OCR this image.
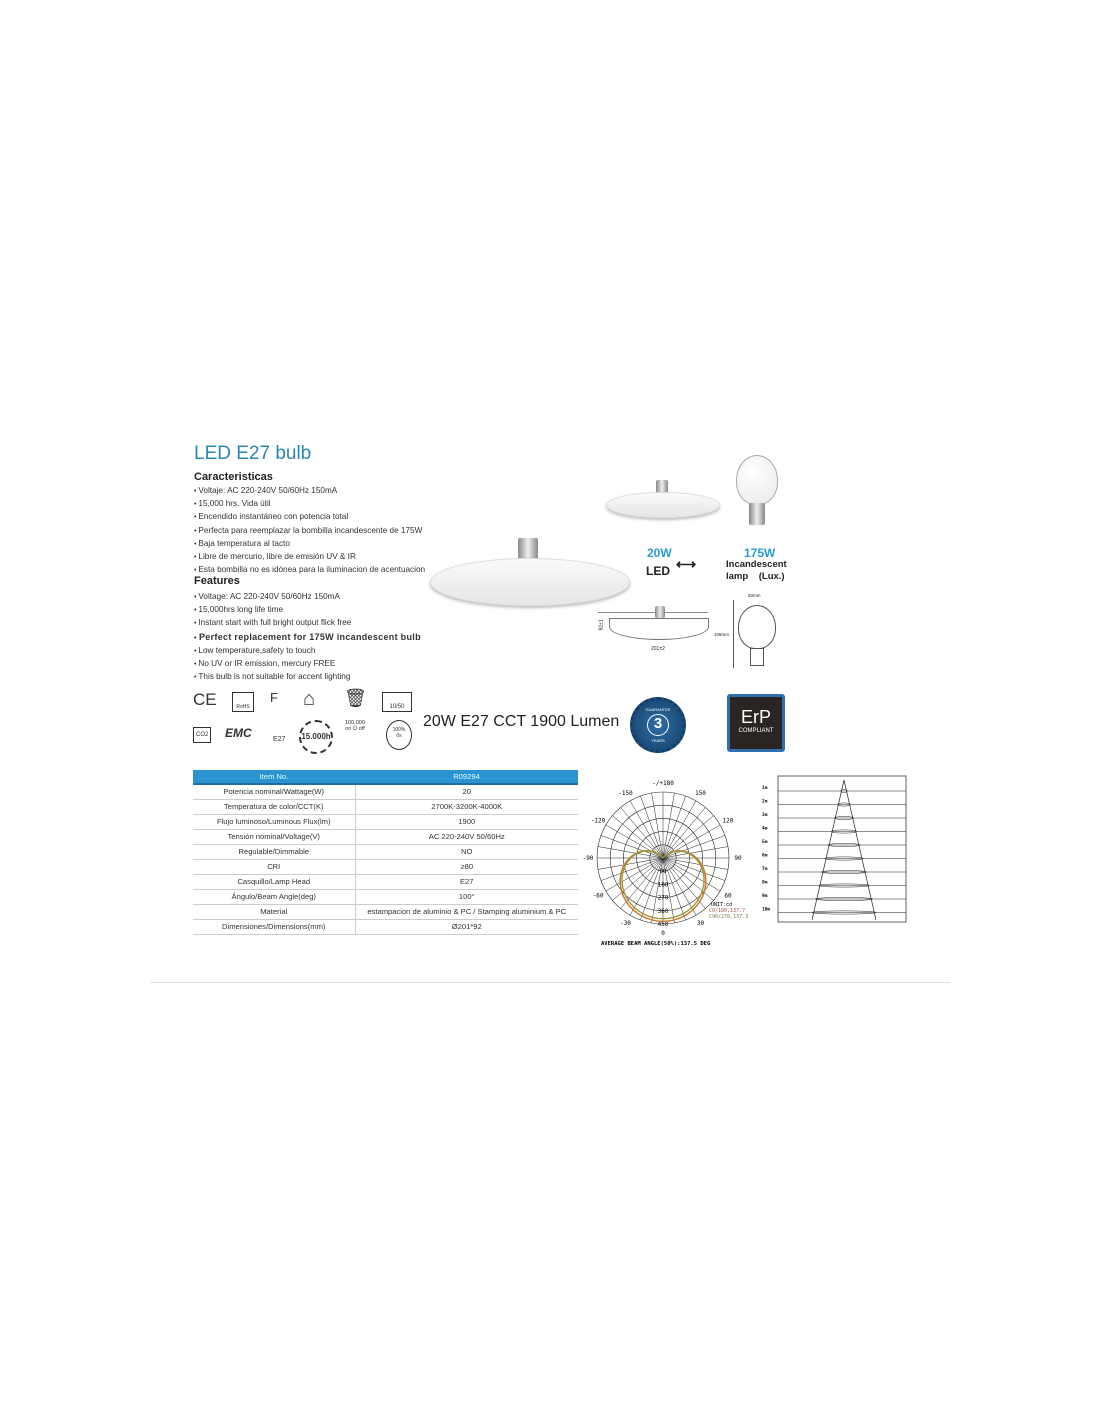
LED E27 bulb
Caracteristicas
• Voltaje: AC 220-240V 50/60Hz 150mA
• 15,000 hrs. Vida útil
• Encendido instantáneo con potencia total
• Perfecta para reemplazar la bombilla incandescente de 175W
• Baja temperatura al tacto
• Libre de mercurio, libre de emisión UV & IR
• Esta bombilla no es idónea para la iluminacion de acentuacion
Features
• Voltage: AC 220-240V 50/60Hz 150mA
• 15,000hrs long life time
• Instant start with full bright output flick free
• Perfect replacement for 175W incandescent bulb
• Low temperature,safety to touch
• No UV or IR emission, mercury FREE
• This bulb is not suitable for accent lighting
20W
LED ⟷
175W
Incandescent
lamp    (Lux.)
92±1
201±2
60mm
108mm
CE	RoHS
F ⌂ 🗑	10/50
CO2 EMC	E27 15.000h
100.000
on ⏻ off	100%
0s
20W E27 CCT 1900 Lumen
GUARANTEE
3
YEARS
ErP
COMPLIANT
Item No.	R09294
Potencia nominal/Wattage(W)	20
Temperatura de color/CCT(K)	2700K-3200K-4000K
Flujo luminoso/Luminous Flux(lm)	1900
Tensión nominal/Voltage(V)	AC 220-240V 50/60Hz
Regulable/Dimmable	NO
CRI	≥80
Casquillo/Lamp Head	E27
Ángulo/Beam Angle(deg)	100°
Material	estampacion de aluminio & PC / Stamping aluminium & PC
Dimensiones/Dimensions(mm)	Ø201*92
-/+180
150
120
90
60
30
0
-30
-60
-90
-120
-150
90
180
270
360
450
UNIT:cd
C0/180,137.7
C90/270,137.3
AVERAGE BEAM ANGLE(50%):137.5 DEG
1m
2m
3m
4m
5m
6m
7m
8m
9m
10m
